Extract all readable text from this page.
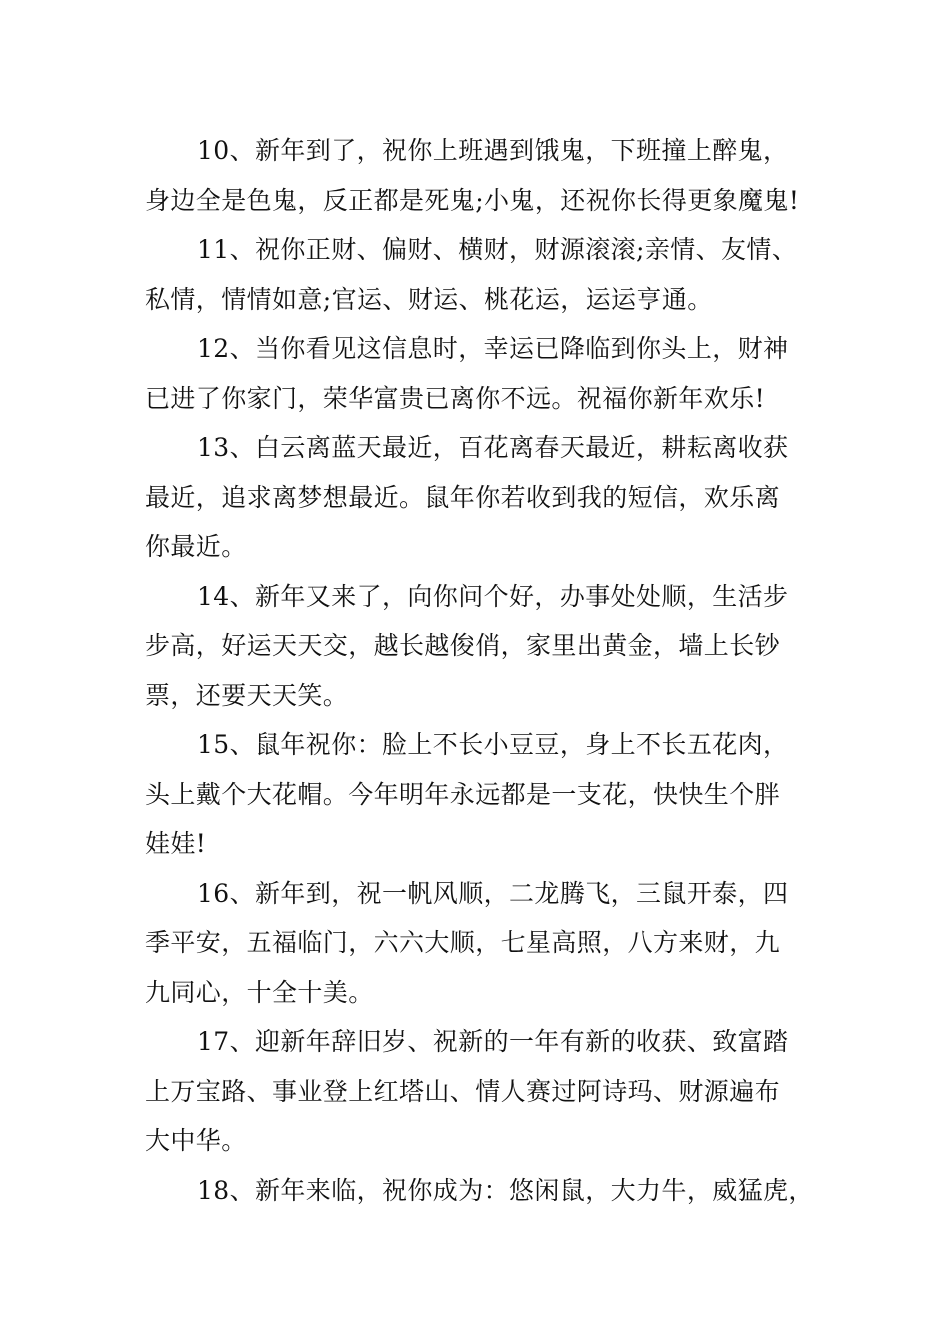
10、新年到了，祝你上班遇到饿鬼，下班撞上醉鬼，
身边全是色鬼，反正都是死鬼;小鬼，还祝你长得更象魔鬼!
11、祝你正财、偏财、横财，财源滚滚;亲情、友情、
私情，情情如意;官运、财运、桃花运，运运亨通。
12、当你看见这信息时，幸运已降临到你头上，财神
已进了你家门，荣华富贵已离你不远。祝福你新年欢乐!
13、白云离蓝天最近，百花离春天最近，耕耘离收获
最近，追求离梦想最近。鼠年你若收到我的短信，欢乐离
你最近。
14、新年又来了，向你问个好，办事处处顺，生活步
步高，好运天天交，越长越俊俏，家里出黄金，墙上长钞
票，还要天天笑。
15、鼠年祝你：脸上不长小豆豆，身上不长五花肉，
头上戴个大花帽。今年明年永远都是一支花，快快生个胖
娃娃!
16、新年到，祝一帆风顺，二龙腾飞，三鼠开泰，四
季平安，五福临门，六六大顺，七星高照，八方来财，九
九同心，十全十美。
17、迎新年辞旧岁、祝新的一年有新的收获、致富踏
上万宝路、事业登上红塔山、情人赛过阿诗玛、财源遍布
大中华。
18、新年来临，祝你成为：悠闲鼠，大力牛，威猛虎，
